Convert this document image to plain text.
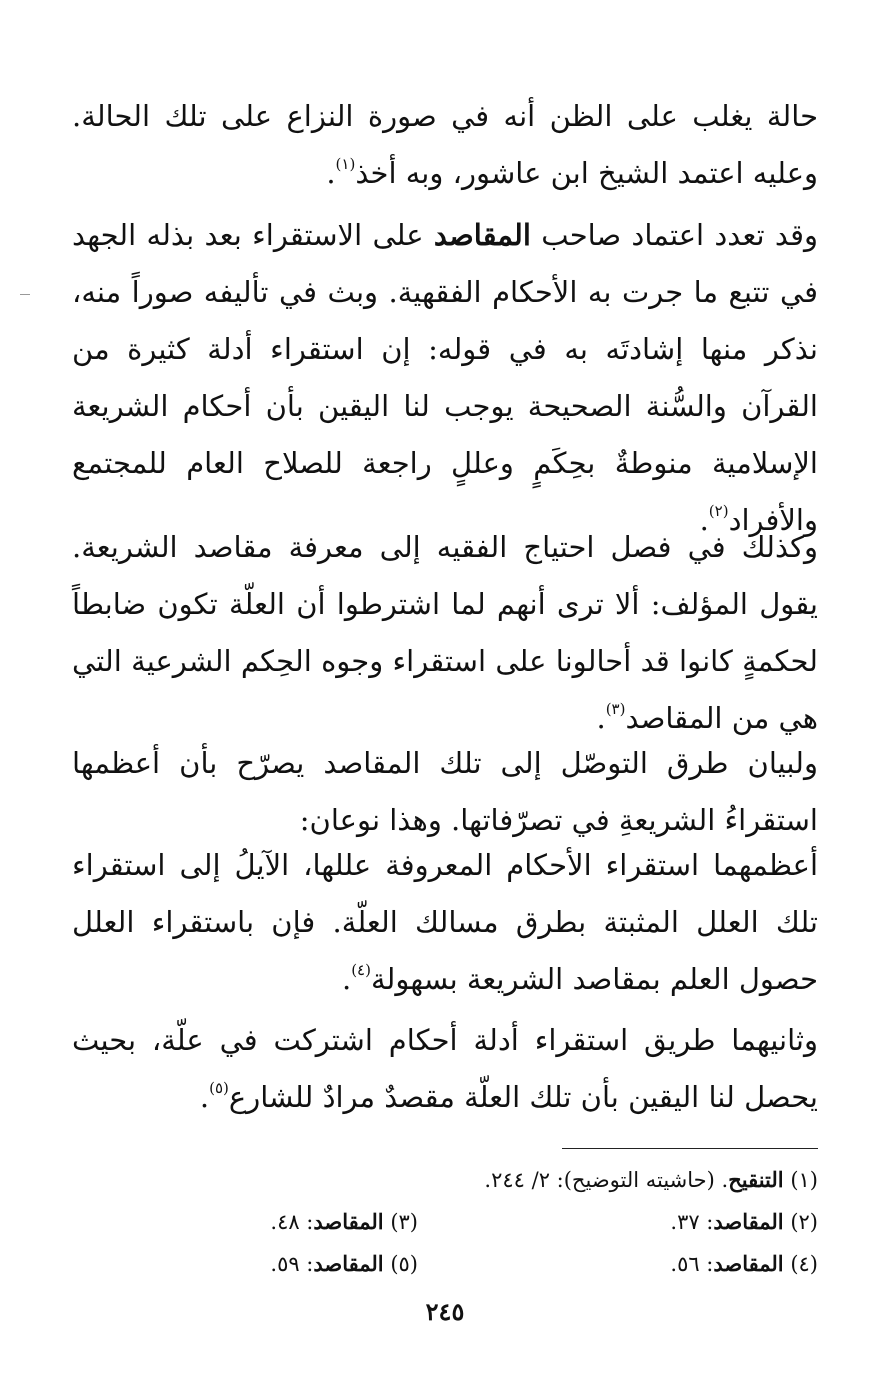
حالة يغلب على الظن أنه في صورة النزاع على تلك الحالة. وعليه اعتمد الشيخ ابن عاشور، وبه أخذ$^{(١)}$.

وقد تعدد اعتماد صاحب المقاصد على الاستقراء بعد بذله الجهد في تتبع ما جرت به الأحكام الفقهية. وبث في تأليفه صوراً منه، نذكر منها إشادتَه به في قوله: إن استقراء أدلة كثيرة من القرآن والسُّنة الصحيحة يوجب لنا اليقين بأن أحكام الشريعة الإسلامية منوطةٌ بحِكَمٍ وعللٍ راجعة للصلاح العام للمجتمع والأفراد$^{(٢)}$.

وكذلك في فصل احتياج الفقيه إلى معرفة مقاصد الشريعة. يقول المؤلف: ألا ترى أنهم لما اشترطوا أن العلّة تكون ضابطاً لحكمةٍ كانوا قد أحالونا على استقراء وجوه الحِكم الشرعية التي هي من المقاصد$^{(٣)}$.

ولبيان طرق التوصّل إلى تلك المقاصد يصرّح بأن أعظمها استقراءُ الشريعةِ في تصرّفاتها. وهذا نوعان:

أعظمهما استقراء الأحكام المعروفة عللها، الآيلُ إلى استقراء تلك العلل المثبتة بطرق مسالك العلّة. فإن باستقراء العلل حصول العلم بمقاصد الشريعة بسهولة$^{(٤)}$.

وثانيهما طريق استقراء أدلة أحكام اشتركت في علّة، بحيث يحصل لنا اليقين بأن تلك العلّة مقصدٌ مرادٌ للشارع$^{(٥)}$.

(١) التنقيح. (حاشيته التوضيح): ٢/ ٢٤٤.
(٢) المقاصد: ٣٧.
(٣) المقاصد: ٤٨.
(٤) المقاصد: ٥٦.
(٥) المقاصد: ٥٩.
٢٤٥
